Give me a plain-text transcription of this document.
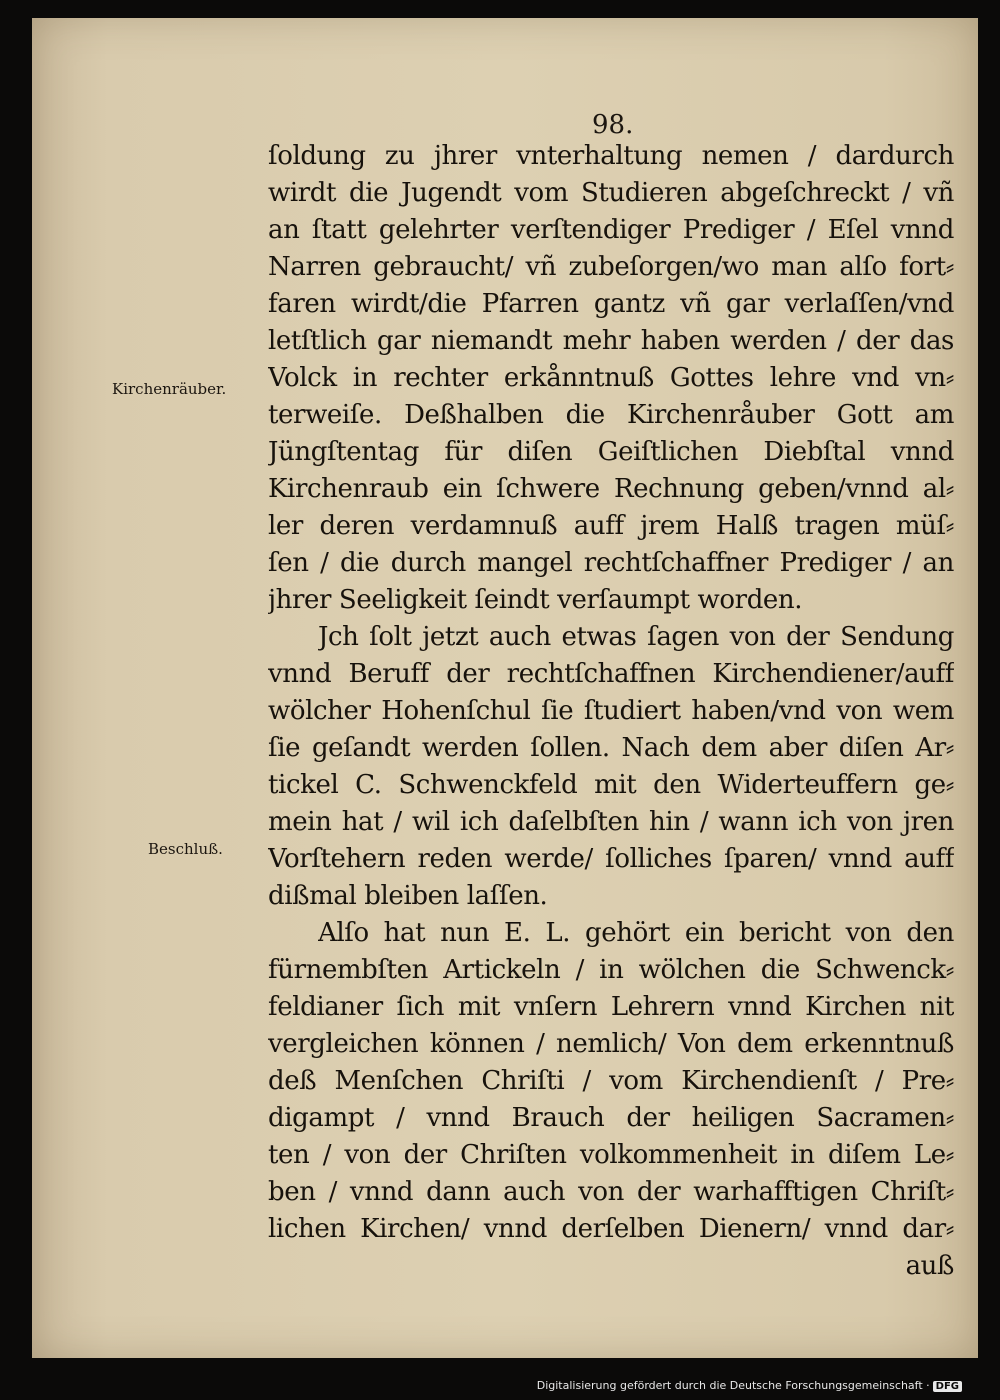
98.
ſoldung zu jhrer vnterhaltung nemen / dardurch
wirdt die Jugendt vom Studieren abgeſchreckt / vñ
an ſtatt gelehrter verſtendiger Prediger / Eſel vnnd
Narren gebraucht/ vñ zubeſorgen/wo man alſo fort⸗
faren wirdt/die Pfarren gantz vñ gar verlaſſen/vnd
letſtlich gar niemandt mehr haben werden / der das
Volck in rechter erkånntnuß Gottes lehre vnd vn⸗
terweiſe. Deßhalben die Kirchenråuber Gott am
Jüngſtentag für diſen Geiſtlichen Diebſtal vnnd
Kirchenraub ein ſchwere Rechnung geben/vnnd al⸗
ler deren verdamnuß auff jrem Halß tragen müſ⸗
ſen / die durch mangel rechtſchaffner Prediger / an
jhrer Seeligkeit ſeindt verſaumpt worden.
Jch ſolt jetzt auch etwas ſagen von der Sendung
vnnd Beruff der rechtſchaffnen Kirchendiener/auff
wölcher Hohenſchul ſie ſtudiert haben/vnd von wem
ſie geſandt werden ſollen. Nach dem aber diſen Ar⸗
tickel C. Schwenckfeld mit den Widerteuffern ge⸗
mein hat / wil ich daſelbſten hin / wann ich von jren
Vorſtehern reden werde/ ſolliches ſparen/ vnnd auff
dißmal bleiben laſſen.
Alſo hat nun E. L. gehört ein bericht von den
fürnembſten Artickeln / in wölchen die Schwenck⸗
feldianer ſich mit vnſern Lehrern vnnd Kirchen nit
vergleichen können / nemlich/ Von dem erkenntnuß
deß Menſchen Chriſti / vom Kirchendienſt / Pre⸗
digampt / vnnd Brauch der heiligen Sacramen⸗
ten / von der Chriſten volkommenheit in diſem Le⸗
ben / vnnd dann auch von der warhafftigen Chriſt⸗
lichen Kirchen/ vnnd derſelben Dienern/ vnnd dar⸗
auß
Kirchenräuber.
Beschluß.
Digitalisierung gefördert durch die Deutsche Forschungsgemeinschaft · DFG
